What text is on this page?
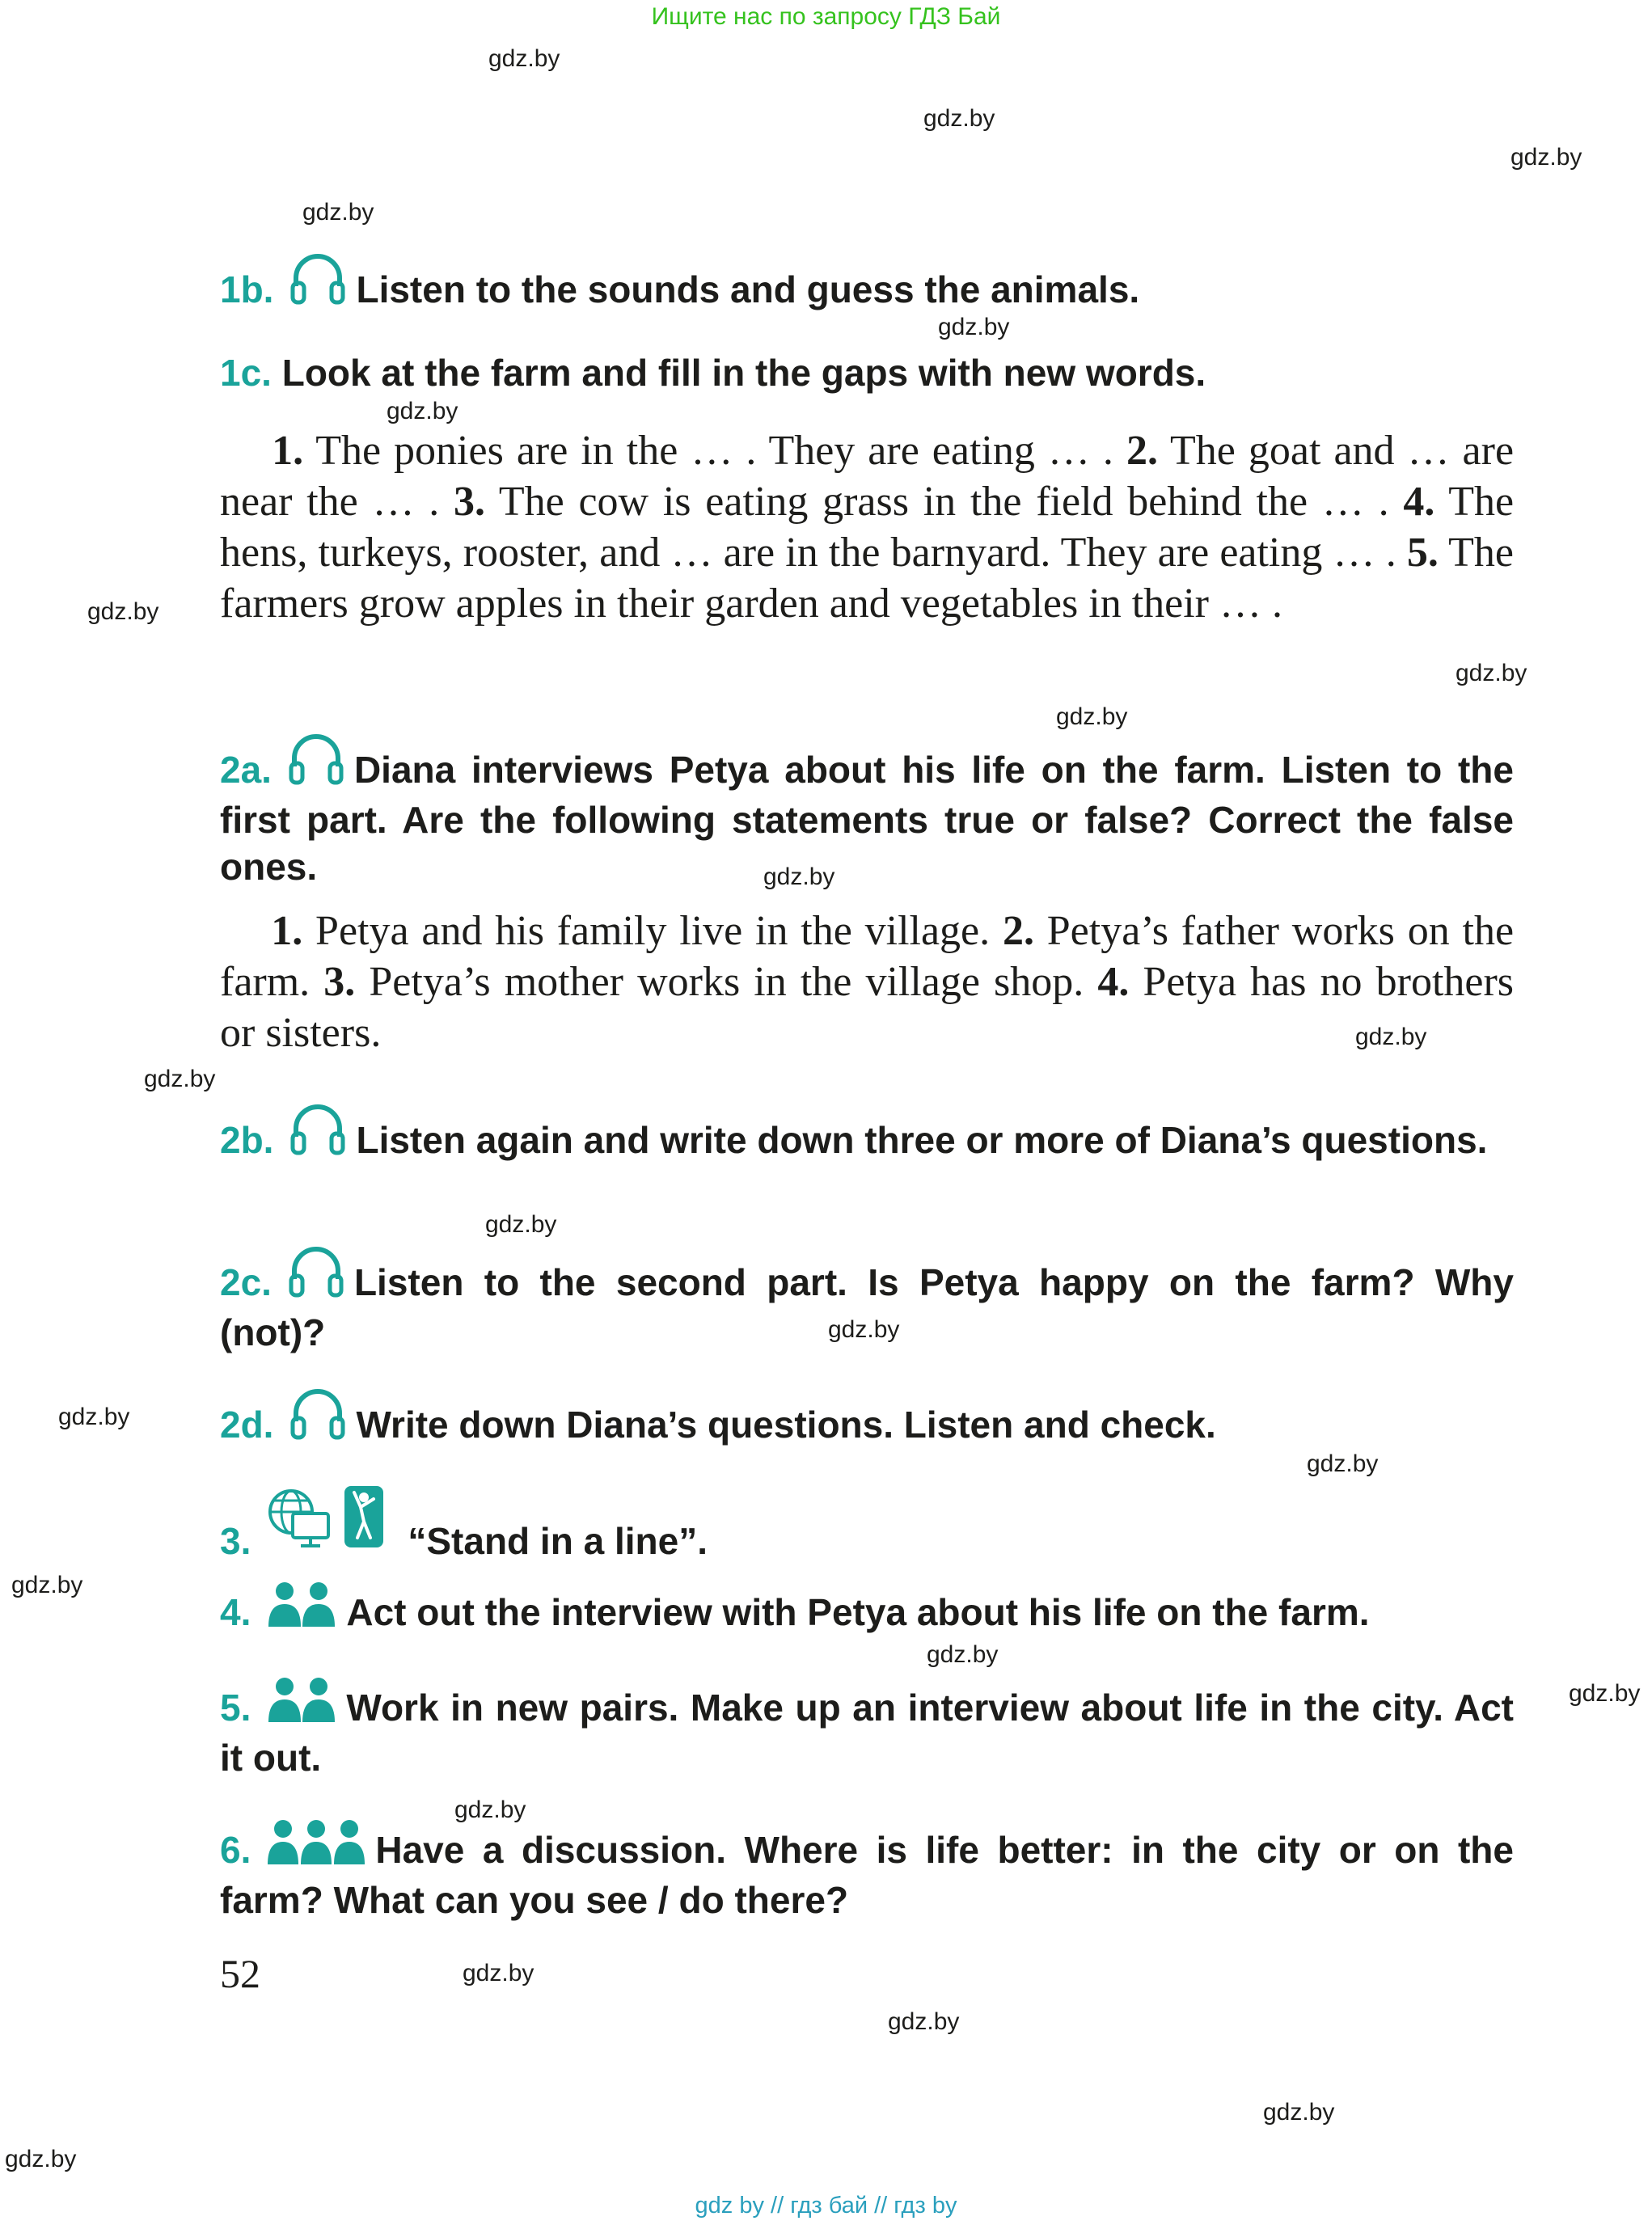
Ищите нас по запросу ГДЗ Бай
gdz by // гдз бай // гдз by
gdz.by
gdz.by
gdz.by
gdz.by
gdz.by
gdz.by
gdz.by
gdz.by
gdz.by
gdz.by
gdz.by
gdz.by
gdz.by
gdz.by
gdz.by
gdz.by
gdz.by
gdz.by
gdz.by
gdz.by
gdz.by
gdz.by
gdz.by
gdz.by
1b. Listen to the sounds and guess the animals.
1c. Look at the farm and fill in the gaps with new words.
1. The ponies are in the … . They are eating … . 2. The goat and … are near the … . 3. The cow is eating grass in the field behind the … . 4. The hens, turkeys, rooster, and … are in the barnyard. They are eating … . 5. The farmers grow apples in their garden and vegetables in their … .
2a. Diana interviews Petya about his life on the farm. Listen to the first part. Are the following statements true or false? Correct the false ones.
1. Petya and his family live in the village. 2. Petya’s father works on the farm. 3. Petya’s mother works in the village shop. 4. Petya has no brothers or sisters.
2b. Listen again and write down three or more of Diana’s questions.
2c. Listen to the second part. Is Petya happy on the farm? Why (not)?
2d. Write down Diana’s questions. Listen and check.
3.	“Stand in a line”.
4.	Act out the interview with Petya about his life on the farm.
5.	Work in new pairs. Make up an interview about life in the city. Act it out.
6.	Have a discussion. Where is life better: in the city or on the farm? What can you see / do there?
52
